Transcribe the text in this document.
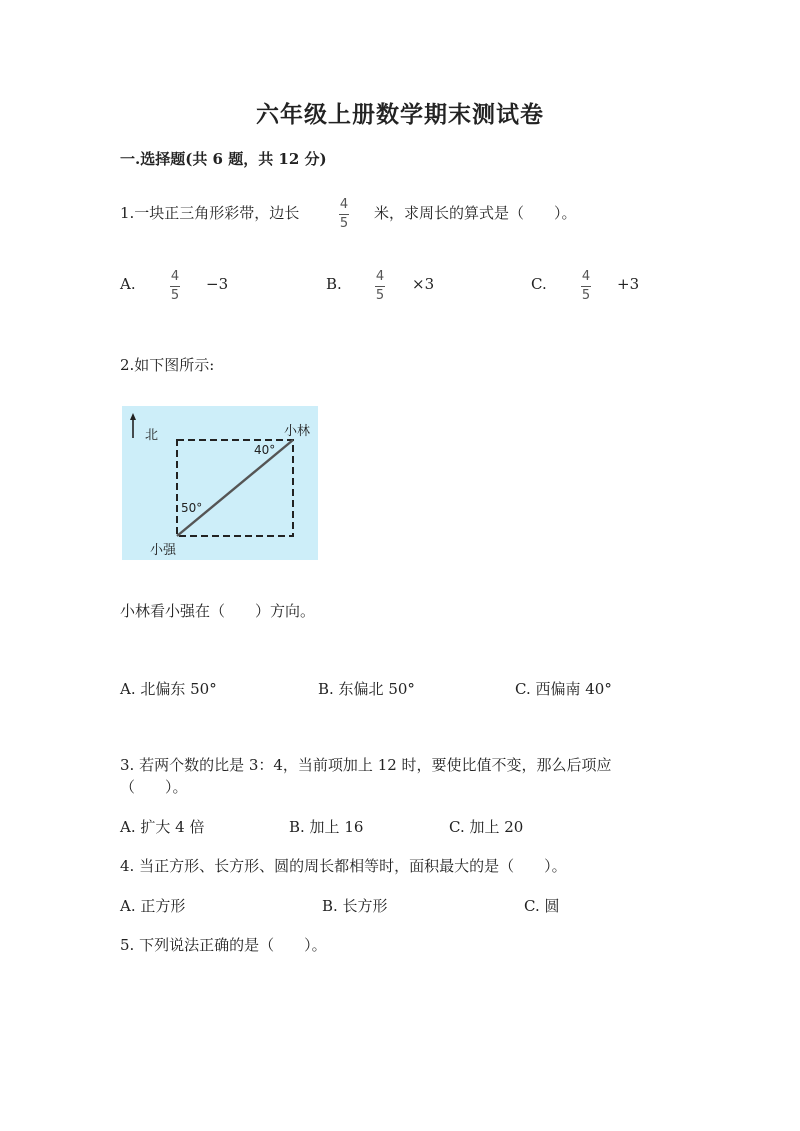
六年级上册数学期末测试卷
一.选择题(共 6 题，共 12 分)
1.一块正三角形彩带，边长	4
5
米，求周长的算式是（　　）。
A.	4
5
−3	B.	4
5
×3	C.	4
5
+3
2.如下图所示:
北	小林
40°
50°
小强
小林看小强在（　　）方向。
A. 北偏东 50°	B. 东偏北 50°	C. 西偏南 40°
3. 若两个数的比是 3：4，当前项加上 12 时，要使比值不变，那么后项应
（　　）。
A. 扩大 4 倍	B. 加上 16	C. 加上 20
4. 当正方形、长方形、圆的周长都相等时，面积最大的是（　　）。
A. 正方形	B. 长方形	C. 圆
5. 下列说法正确的是（　　）。
